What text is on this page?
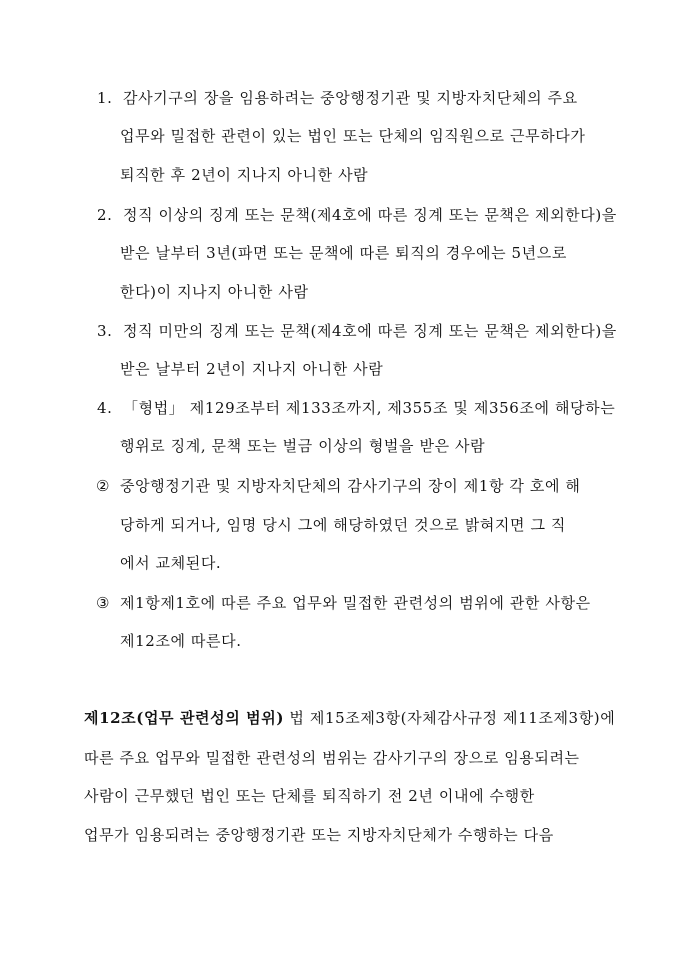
1. 감사기구의 장을 임용하려는 중앙행정기관 및 지방자치단체의 주요
업무와 밀접한 관련이 있는 법인 또는 단체의 임직원으로 근무하다가
퇴직한 후 2년이 지나지 아니한 사람
2. 정직 이상의 징계 또는 문책(제4호에 따른 징계 또는 문책은 제외한다)을
받은 날부터 3년(파면 또는 문책에 따른 퇴직의 경우에는 5년으로
한다)이 지나지 아니한 사람
3. 정직 미만의 징계 또는 문책(제4호에 따른 징계 또는 문책은 제외한다)을
받은 날부터 2년이 지나지 아니한 사람
4. 「형법」 제129조부터 제133조까지, 제355조 및 제356조에 해당하는
행위로 징계, 문책 또는 벌금 이상의 형벌을 받은 사람
② 중앙행정기관 및 지방자치단체의 감사기구의 장이 제1항 각 호에 해
당하게 되거나, 임명 당시 그에 해당하였던 것으로 밝혀지면 그 직
에서 교체된다.
③ 제1항제1호에 따른 주요 업무와 밀접한 관련성의 범위에 관한 사항은
제12조에 따른다.
제12조(업무 관련성의 범위) 법 제15조제3항(자체감사규정 제11조제3항)에
따른 주요 업무와 밀접한 관련성의 범위는 감사기구의 장으로 임용되려는
사람이 근무했던 법인 또는 단체를 퇴직하기 전 2년 이내에 수행한
업무가 임용되려는 중앙행정기관 또는 지방자치단체가 수행하는 다음
